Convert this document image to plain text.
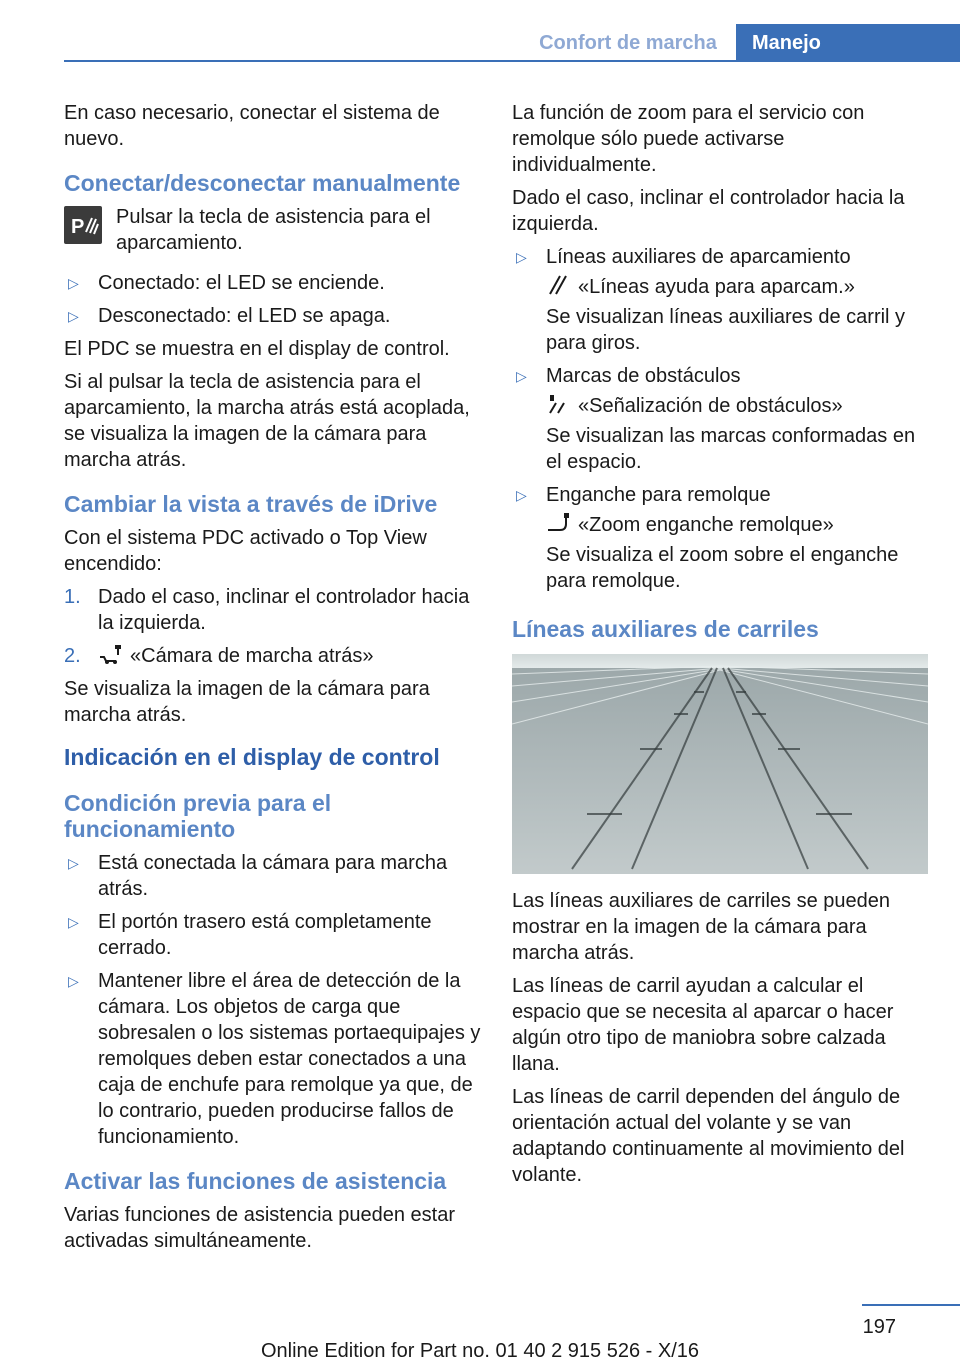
Confort de marcha	Manejo

En caso necesario, conectar el sistema de nuevo.

Conectar/desconectar manualmente
P Pulsar la tecla de asistencia para el aparcamiento.
▷ Conectado: el LED se enciende.
▷ Desconectado: el LED se apaga.

El PDC se muestra en el display de control.

Si al pulsar la tecla de asistencia para el aparcamiento, la marcha atrás está acoplada, se visualiza la imagen de la cámara para marcha atrás.

Cambiar la vista a través de iDrive

Con el sistema PDC activado o Top View encendido:

1. Dado el caso, inclinar el controlador hacia la izquierda.
2. «Cámara de marcha atrás»

Se visualiza la imagen de la cámara para marcha atrás.

Indicación en el display de control
Condición previa para el funcionamiento
▷ Está conectada la cámara para marcha atrás.
▷ El portón trasero está completamente cerrado.
▷ Mantener libre el área de detección de la cámara. Los objetos de carga que sobresalen o los sistemas portaequipajes y remolques deben estar conectados a una caja de enchufe para remolque ya que, de lo contrario, pueden producirse fallos de funcionamiento.
Activar las funciones de asistencia

Varias funciones de asistencia pueden estar activadas simultáneamente.

La función de zoom para el servicio con remolque sólo puede activarse individualmente.

Dado el caso, inclinar el controlador hacia la izquierda.

▷ Líneas auxiliares de aparcamiento
«Líneas ayuda para aparcam.»
Se visualizan líneas auxiliares de carril y para giros.
▷ Marcas de obstáculos
«Señalización de obstáculos»
Se visualizan las marcas conformadas en el espacio.
▷ Enganche para remolque
«Zoom enganche remolque»
Se visualiza el zoom sobre el enganche para remolque.
Líneas auxiliares de carriles

Las líneas auxiliares de carriles se pueden mostrar en la imagen de la cámara para marcha atrás.

Las líneas de carril ayudan a calcular el espacio que se necesita al aparcar o hacer algún otro tipo de maniobra sobre calzada llana.

Las líneas de carril dependen del ángulo de orientación actual del volante y se van adaptando continuamente al movimiento del volante.

197
Online Edition for Part no. 01 40 2 915 526 - X/16
